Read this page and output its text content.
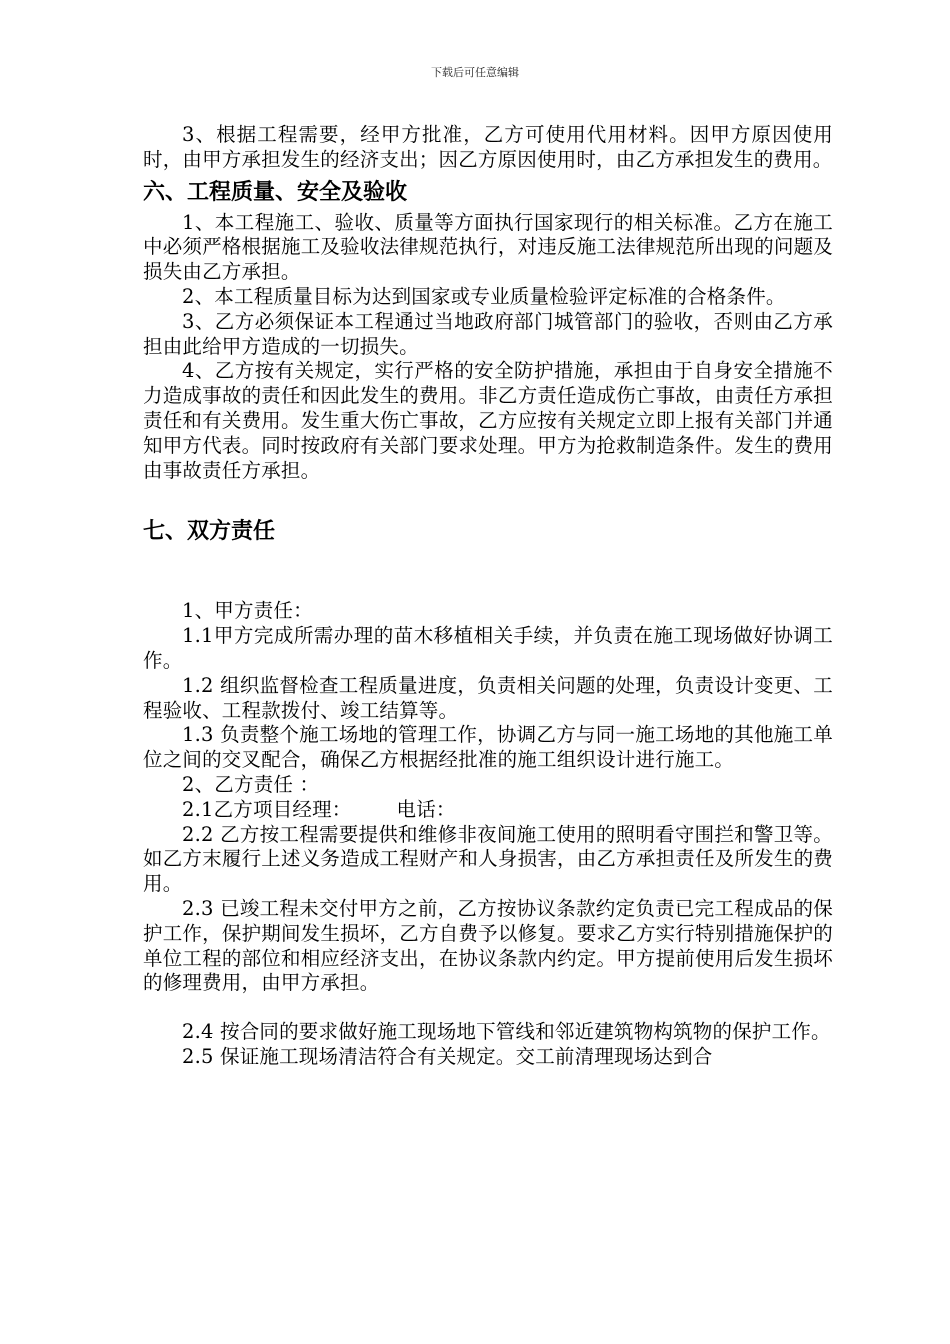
下载后可任意编辑

3、根据工程需要，经甲方批准，乙方可使用代用材料。因甲方原因使用时，由甲方承担发生的经济支出；因乙方原因使用时，由乙方承担发生的费用。

六、工程质量、安全及验收

1、本工程施工、验收、质量等方面执行国家现行的相关标准。乙方在施工中必须严格根据施工及验收法律规范执行，对违反施工法律规范所出现的问题及损失由乙方承担。

2、本工程质量目标为达到国家或专业质量检验评定标准的合格条件。

3、乙方必须保证本工程通过当地政府部门城管部门的验收，否则由乙方承担由此给甲方造成的一切损失。

4、乙方按有关规定，实行严格的安全防护措施，承担由于自身安全措施不力造成事故的责任和因此发生的费用。非乙方责任造成伤亡事故，由责任方承担责任和有关费用。发生重大伤亡事故，乙方应按有关规定立即上报有关部门并通知甲方代表。同时按政府有关部门要求处理。甲方为抢救制造条件。发生的费用由事故责任方承担。

七、双方责任

1、甲方责任：

1.1甲方完成所需办理的苗木移植相关手续，并负责在施工现场做好协调工作。

1.2 组织监督检查工程质量进度，负责相关问题的处理，负责设计变更、工程验收、工程款拨付、竣工结算等。

1.3 负责整个施工场地的管理工作，协调乙方与同一施工场地的其他施工单位之间的交叉配合，确保乙方根据经批准的施工组织设计进行施工。

2、乙方责任 ：

2.1乙方项目经理： 电话：

2.2 乙方按工程需要提供和维修非夜间施工使用的照明看守围拦和警卫等。如乙方末履行上述义务造成工程财产和人身损害，由乙方承担责任及所发生的费用。

2.3 已竣工程未交付甲方之前，乙方按协议条款约定负责已完工程成品的保护工作，保护期间发生损坏，乙方自费予以修复。要求乙方实行特别措施保护的单位工程的部位和相应经济支出，在协议条款内约定。甲方提前使用后发生损坏的修理费用，由甲方承担。

2.4 按合同的要求做好施工现场地下管线和邻近建筑物构筑物的保护工作。

2.5 保证施工现场清洁符合有关规定。交工前清理现场达到合
